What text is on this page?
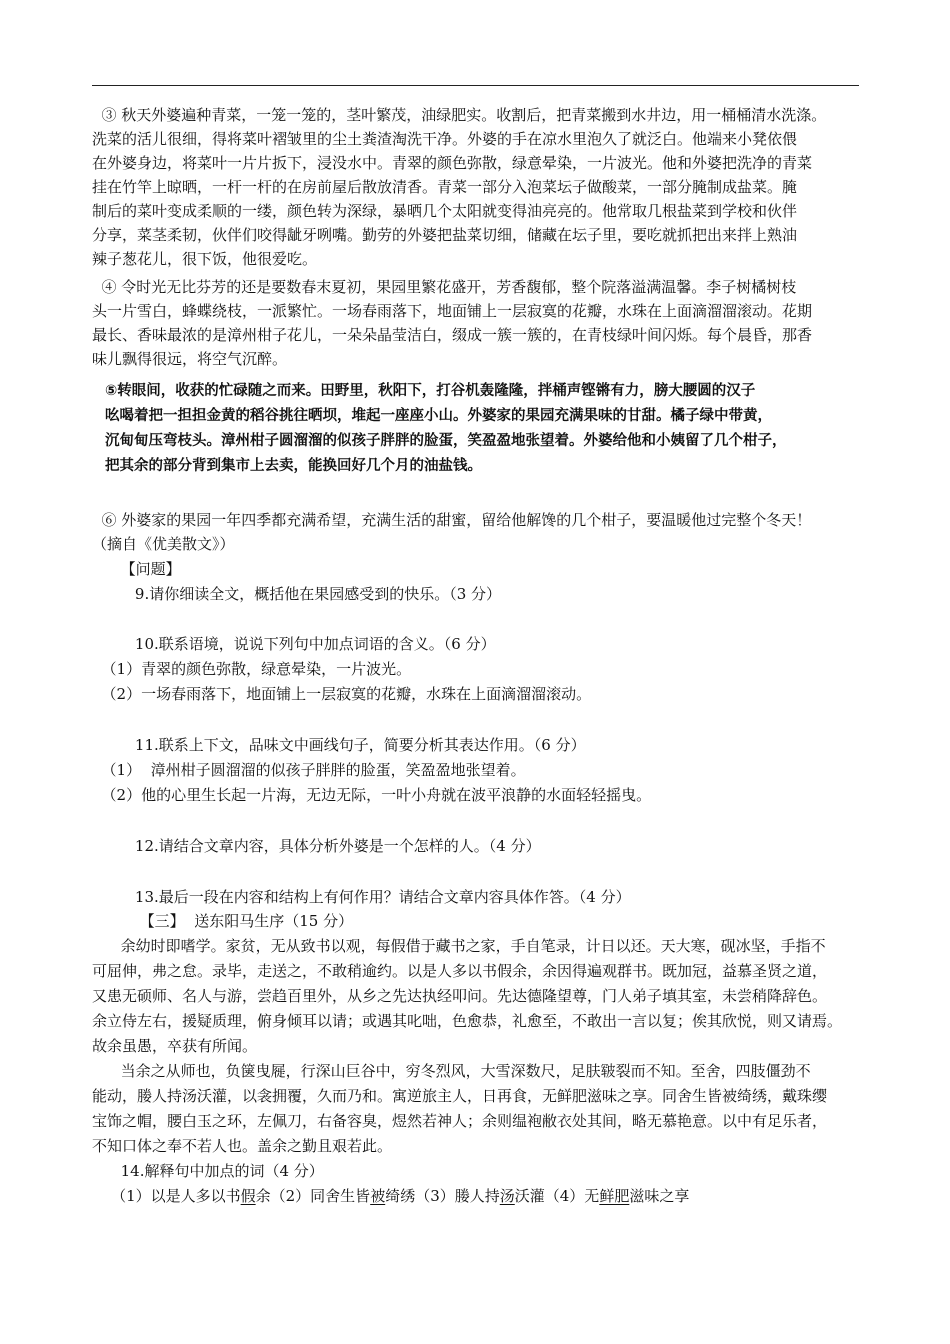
③ 秋天外婆遍种青菜，一笼一笼的，茎叶繁茂，油绿肥实。收割后，把青菜搬到水井边，用一桶桶清水洗涤。
洗菜的活儿很细，得将菜叶褶皱里的尘土粪渣淘洗干净。外婆的手在凉水里泡久了就泛白。他端来小凳依偎
在外婆身边，将菜叶一片片扳下，浸没水中。青翠的颜色弥散，绿意晕染，一片波光。他和外婆把洗净的青菜
挂在竹竿上晾晒，一杆一杆的在房前屋后散放清香。青菜一部分入泡菜坛子做酸菜，一部分腌制成盐菜。腌
制后的菜叶变成柔顺的一缕，颜色转为深绿，暴晒几个太阳就变得油亮亮的。他常取几根盐菜到学校和伙伴
分享，菜茎柔韧，伙伴们咬得龇牙咧嘴。勤劳的外婆把盐菜切细，储藏在坛子里，要吃就抓把出来拌上熟油
辣子葱花儿，很下饭，他很爱吃。
④ 令时光无比芬芳的还是要数春末夏初，果园里繁花盛开，芳香馥郁，整个院落溢满温馨。李子树橘树枝
头一片雪白，蜂蝶绕枝，一派繁忙。一场春雨落下，地面铺上一层寂寞的花瓣，水珠在上面滴溜溜滚动。花期
最长、香味最浓的是漳州柑子花儿，一朵朵晶莹洁白，缀成一簇一簇的，在青枝绿叶间闪烁。每个晨昏，那香
味儿飘得很远，将空气沉醉。
⑤转眼间，收获的忙碌随之而来。田野里，秋阳下，打谷机轰隆隆，拌桶声铿锵有力，膀大腰圆的汉子
吆喝着把一担担金黄的稻谷挑往晒坝，堆起一座座小山。外婆家的果园充满果味的甘甜。橘子绿中带黄，
沉甸甸压弯枝头。漳州柑子圆溜溜的似孩子胖胖的脸蛋，笑盈盈地张望着。外婆给他和小姨留了几个柑子，
把其余的部分背到集市上去卖，能换回好几个月的油盐钱。
⑥ 外婆家的果园一年四季都充满希望，充满生活的甜蜜，留给他解馋的几个柑子，要温暖他过完整个冬天！
（摘自《优美散文》）
【问题】
9.请你细读全文，概括他在果园感受到的快乐。（3 分）
10.联系语境，说说下列句中加点词语的含义。（6 分）
（1）青翠的颜色弥散，绿意晕染，一片波光。
（2）一场春雨落下，地面铺上一层寂寞的花瓣，水珠在上面滴溜溜滚动。
11.联系上下文，品味文中画线句子，简要分析其表达作用。（6 分）
（1）  漳州柑子圆溜溜的似孩子胖胖的脸蛋，笑盈盈地张望着。
（2）他的心里生长起一片海，无边无际，一叶小舟就在波平浪静的水面轻轻摇曳。
12.请结合文章内容，具体分析外婆是一个怎样的人。（4 分）
13.最后一段在内容和结构上有何作用？请结合文章内容具体作答。（4 分）
【三】  送东阳马生序（15 分）
余幼时即嗜学。家贫，无从致书以观，每假借于藏书之家，手自笔录，计日以还。天大寒，砚冰坚，手指不
可屈伸，弗之怠。录毕，走送之，不敢稍逾约。以是人多以书假余，余因得遍观群书。既加冠，益慕圣贤之道，
又患无硕师、名人与游，尝趋百里外，从乡之先达执经叩问。先达德隆望尊，门人弟子填其室，未尝稍降辞色。
余立侍左右，援疑质理，俯身倾耳以请；或遇其叱咄，色愈恭，礼愈至，不敢出一言以复；俟其欣悦，则又请焉。
故余虽愚，卒获有所闻。
当余之从师也，负箧曳屣，行深山巨谷中，穷冬烈风，大雪深数尺，足肤皲裂而不知。至舍，四肢僵劲不
能动，媵人持汤沃灌，以衾拥覆，久而乃和。寓逆旅主人，日再食，无鲜肥滋味之享。同舍生皆被绮绣，戴珠缨
宝饰之帽，腰白玉之环，左佩刀，右备容臭，煜然若神人；余则缊袍敝衣处其间，略无慕艳意。以中有足乐者，
不知口体之奉不若人也。盖余之勤且艰若此。
14.解释句中加点的词（4 分）
（1）以是人多以书假余（2）同舍生皆被绮绣（3）媵人持汤沃灌（4）无鲜肥滋味之享
